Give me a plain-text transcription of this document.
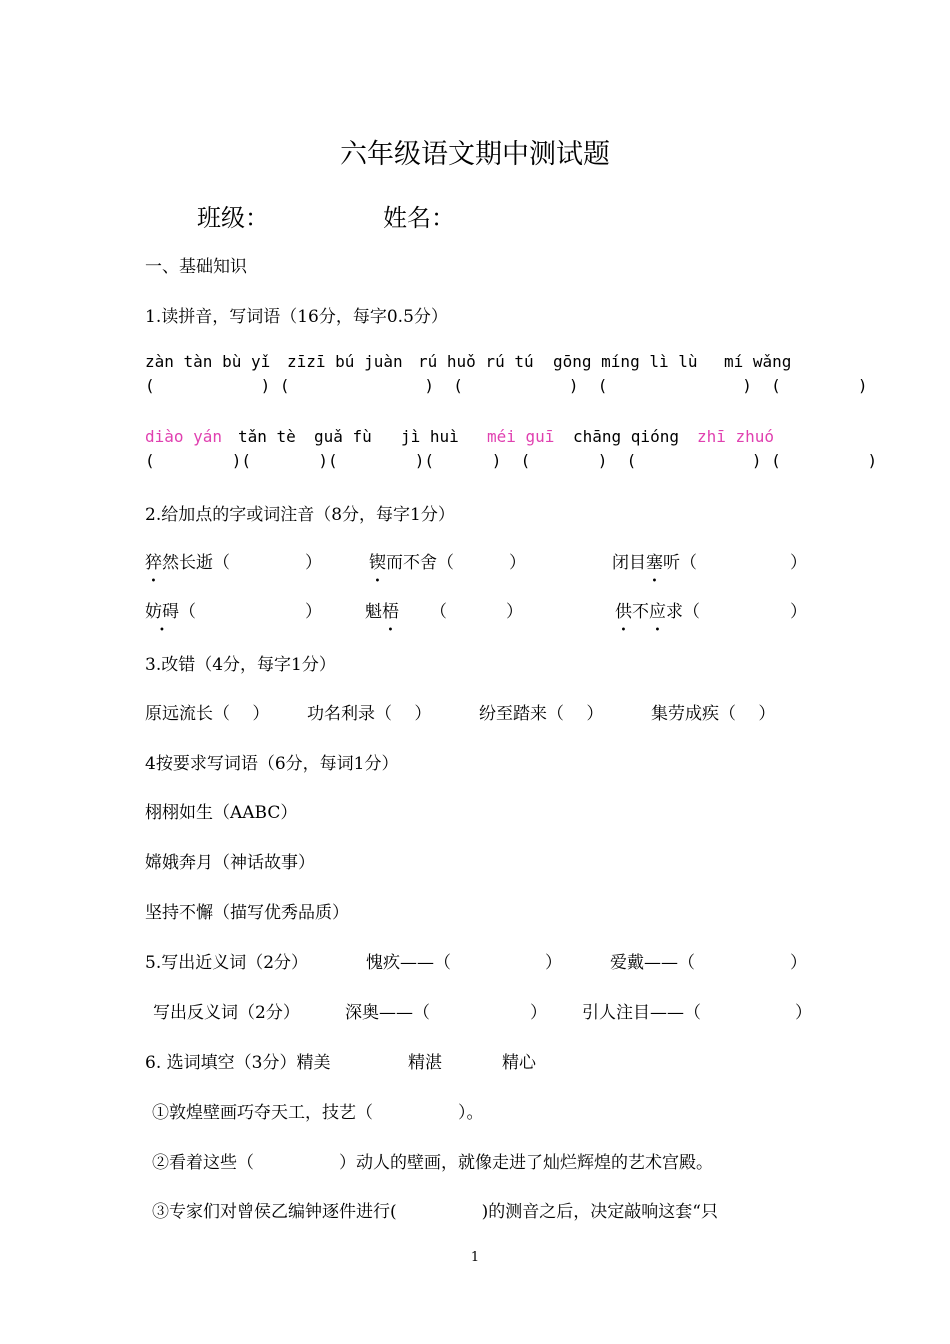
六年级语文期中测试题
班级：	姓名：
一、基础知识
1.读拼音，写词语（16分，每字0.5分）
zàn tàn bù yǐ zīzī bú juàn rú huǒ rú tú gōng míng lì lù mí wǎng
(           ) (              )  (           )  (              )  (        )
diào yán tǎn tè guǎ fù jì huì méi guī chāng qióng zhī zhuó
(        )(       )(        )(      )  (       )  (            ) (         )
2.给加点的字或词注音（8分，每字1分）
猝然长逝（	）	锲而不舍（	）	闭目塞听（	）
妨碍（	）	魁梧 （	）	供不应求（	）
3.改错（4分，每字1分）
原远流长（　 ） 功名利录（　 ）	纷至踏来（　 ）	集劳成疾（　 ）
4按要求写词语（6分，每词1分）
栩栩如生（AABC）
嫦娥奔月（神话故事）
坚持不懈（描写优秀品质）
5.写出近义词（2分）	愧疚——（	）	爱戴——（	）
写出反义词（2分）	深奥——（	） 引人注目——（	）
6. 选词填空（3分）精美	精湛	精心
①敦煌壁画巧夺天工，技艺（　　　　　）。
②看着这些（　　　　　）动人的壁画，就像走进了灿烂辉煌的艺术宫殿。
③专家们对曾侯乙编钟逐件进行(　　　　　)的测音之后，决定敲响这套“只
1
